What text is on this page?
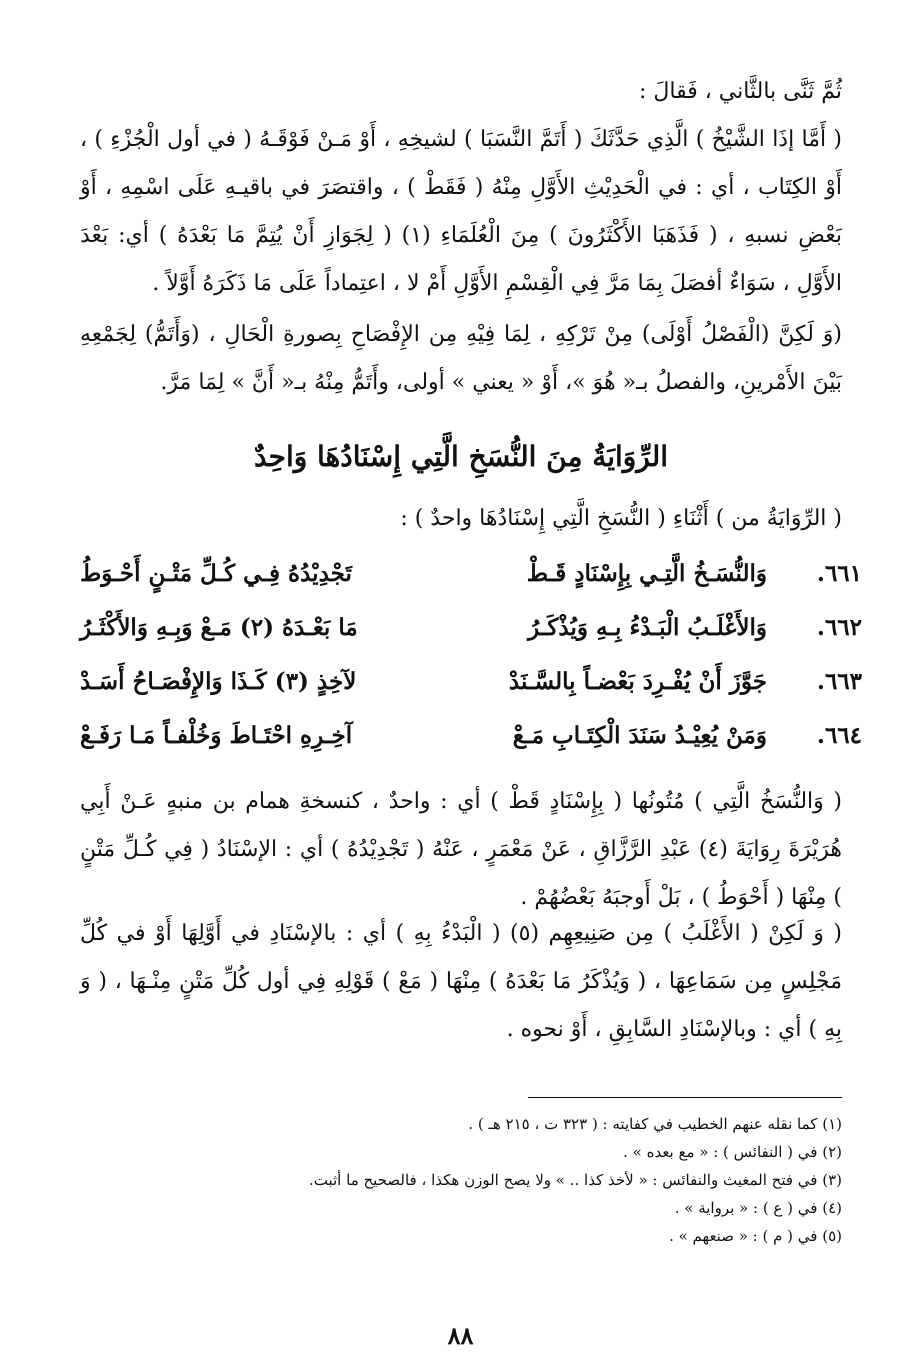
ثُمَّ ثَنَّى بالثَّاني ، فَقالَ :
( أَمَّا إذَا الشَّيْخُ ) الَّذِي حَدَّثَكَ ( أَتَمَّ النَّسَبَا ) لشيخِهِ ، أَوْ مَـنْ فَوْقَـهُ ( في أول الْجُزْءِ ) ، أَوْ الكِتَاب ، أي : في الْحَدِيْثِ الأَوَّلِ مِنْهُ ( فَقَطْ ) ، واقتصَرَ في باقيـهِ عَلَى اسْمِهِ ، أَوْ بَعْضِ نسبهِ ، ( فَذَهَبَا الأَكْثَرُونَ ) مِنَ الْعُلَمَاءِ (١) ( لِجَوَازِ أَنْ يُتِمَّ مَا بَعْدَهُ ) أي: بَعْدَ الأَوَّلِ ، سَوَاءٌ أفصَلَ بِمَا مَرَّ فِي الْقِسْمِ الأَوَّلِ أَمْ لا ، اعتِماداً عَلَى مَا ذَكَرَهُ أَوَّلاً .
(وَ لَكِنَّ (الْفَصْلُ أَوْلَى) مِنْ تَرْكِهِ ، لِمَا فِيْهِ مِن الإِفْصَاحِ بِصورةِ الْحَالِ ، (وَأَتَمُّ) لِجَمْعِهِ بَيْنَ الأَمْرينِ، والفصلُ بـ« هُوَ »، أَوْ « يعني » أولى، وأَتَمُّ مِنْهُ بـ« أَنَّ » لِمَا مَرَّ.
الرِّوَايَةُ مِنَ النُّسَخِ الَّتِي إِسْنَادُهَا وَاحِدٌ
( الرِّوَايَةُ من ) أَثْنَاءِ ( النُّسَخِ الَّتِي إِسْنَادُهَا واحدٌ ) :
٦٦١.
وَالنُّسَـخُ الَّتِـي بِإِسْنَادٍ قَـطْ
تَجْدِيْدُهُ فِـي كُـلِّ مَتْـنٍ أَحْـوَطُ
٦٦٢.
وَالأَغْلَـبُ الْبَـدْءُ بِـهِ وَيُذْكَـرُ
مَا بَعْـدَهُ (٢) مَـعْ وَبِـهِ وَالأَكْثَـرُ
٦٦٣.
جَوَّزَ أَنْ يُفْـرِدَ بَعْضـاً بِالسَّـنَدْ
لآخِذٍ (٣) كَـذَا وَالإِفْصَـاحُ أَسَـدْ
٦٦٤.
وَمَنْ يُعِيْـدُ سَنَدَ الْكِتَـابِ مَـعْ
آخِـرِهِ احْتَـاطَ وَخُلْفـاً مَـا رَفَـعْ
( وَالنُّسَخُ الَّتِي ) مُتُونُها ( بِإِسْنَادٍ قَطْ ) أي : واحدٌ ، كنسخةِ همام بن منبهٍ عَـنْ أَبِي هُرَيْرَةَ رِوَايَةَ (٤) عَبْدِ الرَّزَّاقِ ، عَنْ مَعْمَرٍ ، عَنْهُ ( تَجْدِيْدُهُ ) أي : الإسْنَادُ ( فِي كُـلِّ مَتْنٍ ) مِنْهَا ( أَحْوَطُ ) ، بَلْ أَوجبَهُ بَعْضُهُمْ .
( وَ لَكِنْ ( الأَغْلَبُ ) مِن صَنِيعِهِم (٥) ( الْبَدْءُ بِهِ ) أي : بالإسْنَادِ في أَوَّلِهَا أَوْ في كُلِّ مَجْلِسٍ مِن سَمَاعِهَا ، ( وَيُذْكَرُ مَا بَعْدَهُ ) مِنْهَا ( مَعْ ) قَوْلِهِ فِي أول كُلِّ مَتْنٍ مِنْـهَا ، ( وَ بِهِ ) أي : وبالإسْنَادِ السَّابِقِ ، أَوْ نحوه .
(١) كما نقله عنهم الخطيب في كفايته : ( ٣٢٣ ت ، ٢١٥ هـ ) .
(٢) في ( النفائس ) : « مع بعده » .
(٣) في فتح المغيث والنفائس : « لأخذ كذا .. » ولا يصح الوزن هكذا ، فالصحيح ما أثبت.
(٤) في ( ع ) : « برواية » .
(٥) في ( م ) : « صنعهم » .
٨٨
